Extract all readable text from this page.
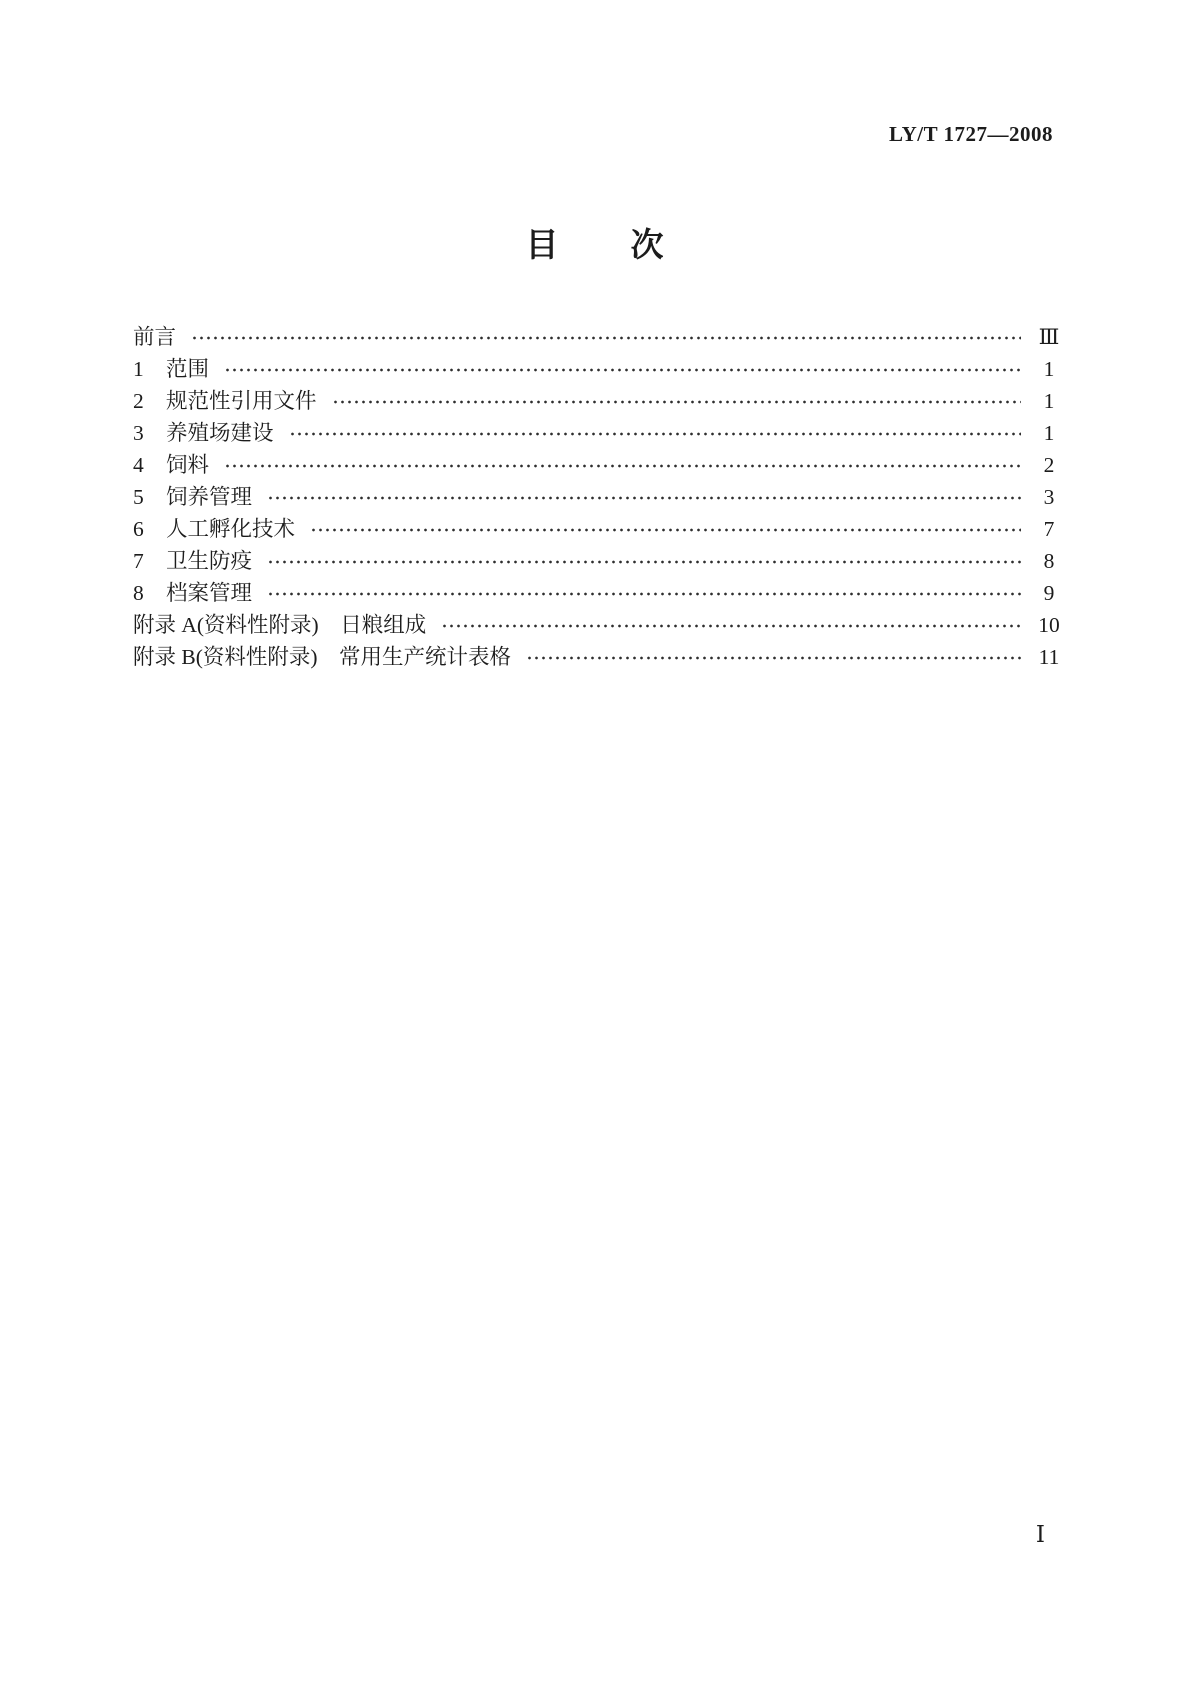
LY/T 1727—2008
目　　次
前言	Ⅲ
1	范围	1
2	规范性引用文件	1
3	养殖场建设	1
4	饲料	2
5	饲养管理	3
6	人工孵化技术	7
7	卫生防疫	8
8	档案管理	9
附录 A(资料性附录)　日粮组成	10
附录 B(资料性附录)　常用生产统计表格	11
Ⅰ
